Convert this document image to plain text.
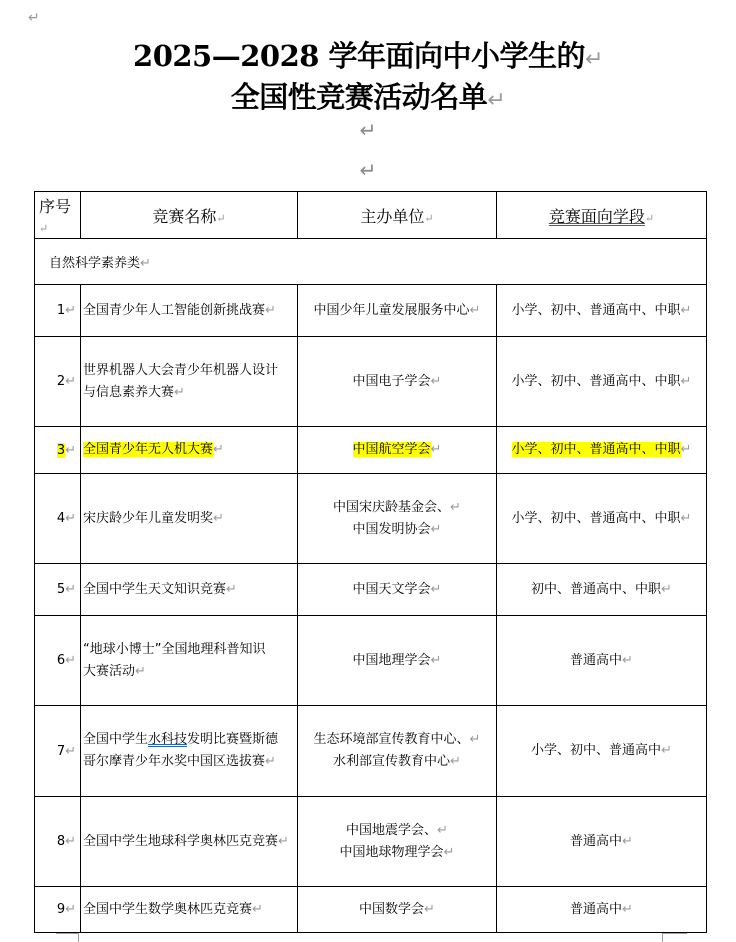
↵
2025—2028 学年面向中小学生的↵
全国性竞赛活动名单↵
↵
↵
序号↵	竞赛名称↵	主办单位↵	竞赛面向学段↵
自然科学素养类↵			
1↵	全国青少年人工智能创新挑战赛↵	中国少年儿童发展服务中心↵	小学、初中、普通高中、中职↵
2↵	世界机器人大会青少年机器人设计
与信息素养大赛↵	中国电子学会↵	小学、初中、普通高中、中职↵
3↵	全国青少年无人机大赛↵	中国航空学会↵	小学、初中、普通高中、中职↵
4↵	宋庆龄少年儿童发明奖↵	中国宋庆龄基金会、↵
中国发明协会↵	小学、初中、普通高中、中职↵
5↵	全国中学生天文知识竞赛↵	中国天文学会↵	初中、普通高中、中职↵
6↵	“地球小博士”全国地理科普知识
大赛活动↵	中国地理学会↵	普通高中↵
7↵	全国中学生水科技发明比赛暨斯德
哥尔摩青少年水奖中国区选拔赛↵	生态环境部宣传教育中心、↵
水利部宣传教育中心↵	小学、初中、普通高中↵
8↵	全国中学生地球科学奥林匹克竞赛↵	中国地震学会、↵
中国地球物理学会↵	普通高中↵
9↵	全国中学生数学奥林匹克竞赛↵	中国数学会↵	普通高中↵
